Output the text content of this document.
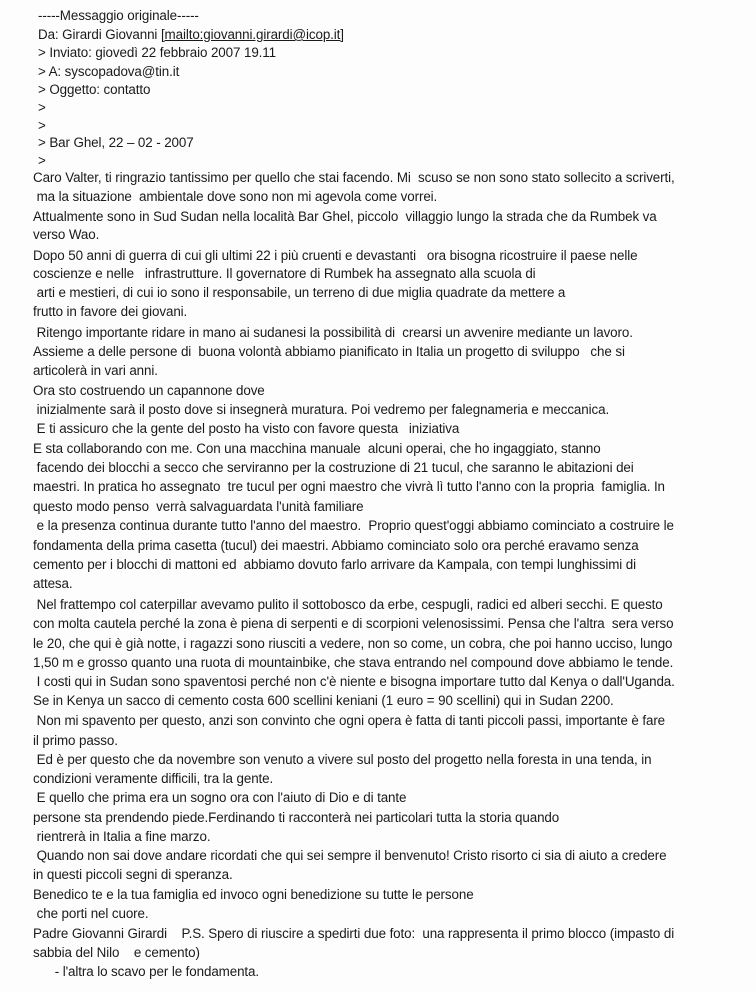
-----Messaggio originale-----
Da: Girardi Giovanni [mailto:giovanni.girardi@icop.it]
> Inviato: giovedì 22 febbraio 2007 19.11
> A: syscopadova@tin.it
> Oggetto: contatto
>
>
> Bar Ghel, 22 – 02 - 2007
>
Caro Valter, ti ringrazio tantissimo per quello che stai facendo. Mi  scuso se non sono stato sollecito a scriverti,
ma la situazione  ambientale dove sono non mi agevola come vorrei.
Attualmente sono in Sud Sudan nella località Bar Ghel, piccolo  villaggio lungo la strada che da Rumbek va
verso Wao.
Dopo 50 anni di guerra di cui gli ultimi 22 i più cruenti e devastanti   ora bisogna ricostruire il paese nelle
coscienze e nelle   infrastrutture. Il governatore di Rumbek ha assegnato alla scuola di
arti e mestieri, di cui io sono il responsabile, un terreno di due miglia quadrate da mettere a
frutto in favore dei giovani.
Ritengo importante ridare in mano ai sudanesi la possibilità di  crearsi un avvenire mediante un lavoro.
Assieme a delle persone di  buona volontà abbiamo pianificato in Italia un progetto di sviluppo   che si
articolerà in vari anni.
Ora sto costruendo un capannone dove
inizialmente sarà il posto dove si insegnerà muratura. Poi vedremo per falegnameria e meccanica.
E ti assicuro che la gente del posto ha visto con favore questa   iniziativa
E sta collaborando con me. Con una macchina manuale  alcuni operai, che ho ingaggiato, stanno
facendo dei blocchi a secco che serviranno per la costruzione di 21 tucul, che saranno le abitazioni dei
maestri. In pratica ho assegnato  tre tucul per ogni maestro che vivrà lì tutto l'anno con la propria  famiglia. In
questo modo penso  verrà salvaguardata l'unità familiare
e la presenza continua durante tutto l'anno del maestro.  Proprio quest'oggi abbiamo cominciato a costruire le
fondamenta della prima casetta (tucul) dei maestri. Abbiamo cominciato solo ora perché eravamo senza
cemento per i blocchi di mattoni ed  abbiamo dovuto farlo arrivare da Kampala, con tempi lunghissimi di
attesa.
Nel frattempo col caterpillar avevamo pulito il sottobosco da erbe, cespugli, radici ed alberi secchi. E questo
con molta cautela perché la zona è piena di serpenti e di scorpioni velenosissimi. Pensa che l'altra  sera verso
le 20, che qui è già notte, i ragazzi sono riusciti a vedere, non so come, un cobra, che poi hanno ucciso, lungo
1,50 m e grosso quanto una ruota di mountainbike, che stava entrando nel compound dove abbiamo le tende.
I costi qui in Sudan sono spaventosi perché non c'è niente e bisogna importare tutto dal Kenya o dall'Uganda.
Se in Kenya un sacco di cemento costa 600 scellini keniani (1 euro = 90 scellini) qui in Sudan 2200.
Non mi spavento per questo, anzi son convinto che ogni opera è fatta di tanti piccoli passi, importante è fare
il primo passo.
Ed è per questo che da novembre son venuto a vivere sul posto del progetto nella foresta in una tenda, in
condizioni veramente difficili, tra la gente.
E quello che prima era un sogno ora con l'aiuto di Dio e di tante
persone sta prendendo piede.Ferdinando ti racconterà nei particolari tutta la storia quando
rientrerà in Italia a fine marzo.
Quando non sai dove andare ricordati che qui sei sempre il benvenuto! Cristo risorto ci sia di aiuto a credere
in questi piccoli segni di speranza.
Benedico te e la tua famiglia ed invoco ogni benedizione su tutte le persone
che porti nel cuore.
Padre Giovanni Girardi    P.S. Spero di riuscire a spedirti due foto:  una rappresenta il primo blocco (impasto di
sabbia del Nilo    e cemento)
- l'altra lo scavo per le fondamenta.
